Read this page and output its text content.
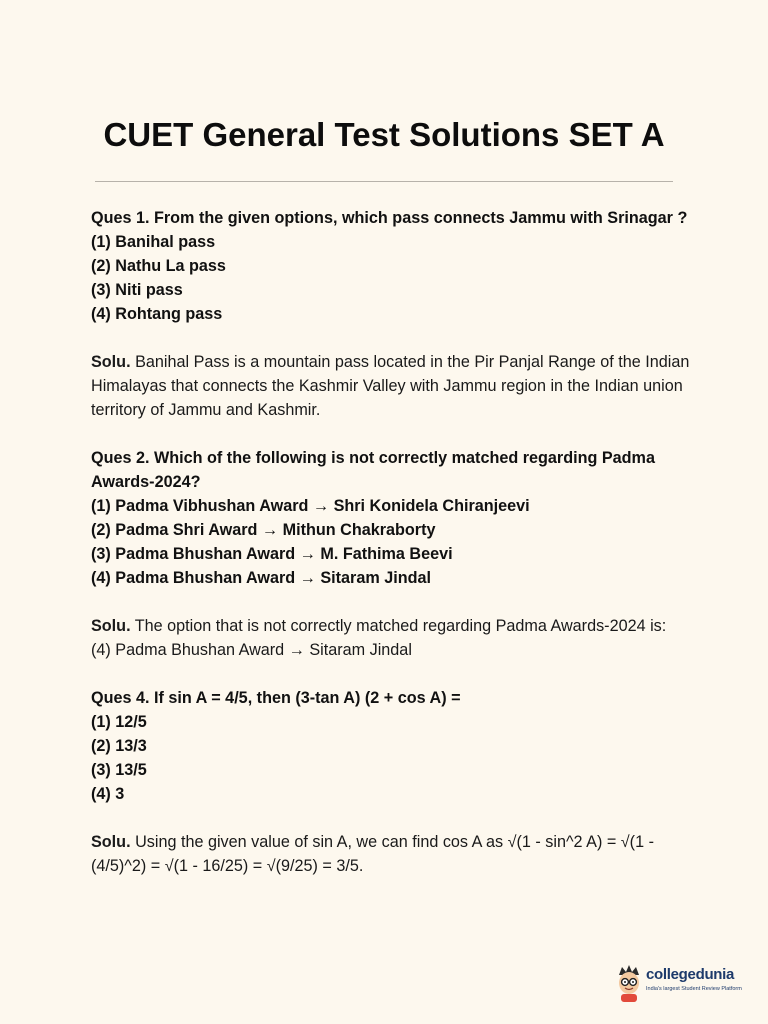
CUET General Test Solutions SET A

Ques 1. From the given options, which pass connects Jammu with Srinagar ?

(1) Banihal pass

(2) Nathu La pass

(3) Niti pass

(4) Rohtang pass

Solu. Banihal Pass is a mountain pass located in the Pir Panjal Range of the Indian Himalayas that connects the Kashmir Valley with Jammu region in the Indian union territory of Jammu and Kashmir.

Ques 2. Which of the following is not correctly matched regarding Padma Awards-2024?

(1) Padma Vibhushan Award → Shri Konidela Chiranjeevi

(2) Padma Shri Award → Mithun Chakraborty

(3) Padma Bhushan Award → M. Fathima Beevi

(4) Padma Bhushan Award → Sitaram Jindal

Solu. The option that is not correctly matched regarding Padma Awards-2024 is:

(4) Padma Bhushan Award → Sitaram Jindal

Ques 4. If sin A = 4/5, then (3-tan A) (2 + cos A) =

(1) 12/5

(2) 13/3

(3) 13/5

(4) 3

Solu. Using the given value of sin A, we can find cos A as √(1 - sin^2 A) = √(1 - (4/5)^2) = √(1 - 16/25) = √(9/25) = 3/5.

collegedunia
India's largest Student Review Platform
